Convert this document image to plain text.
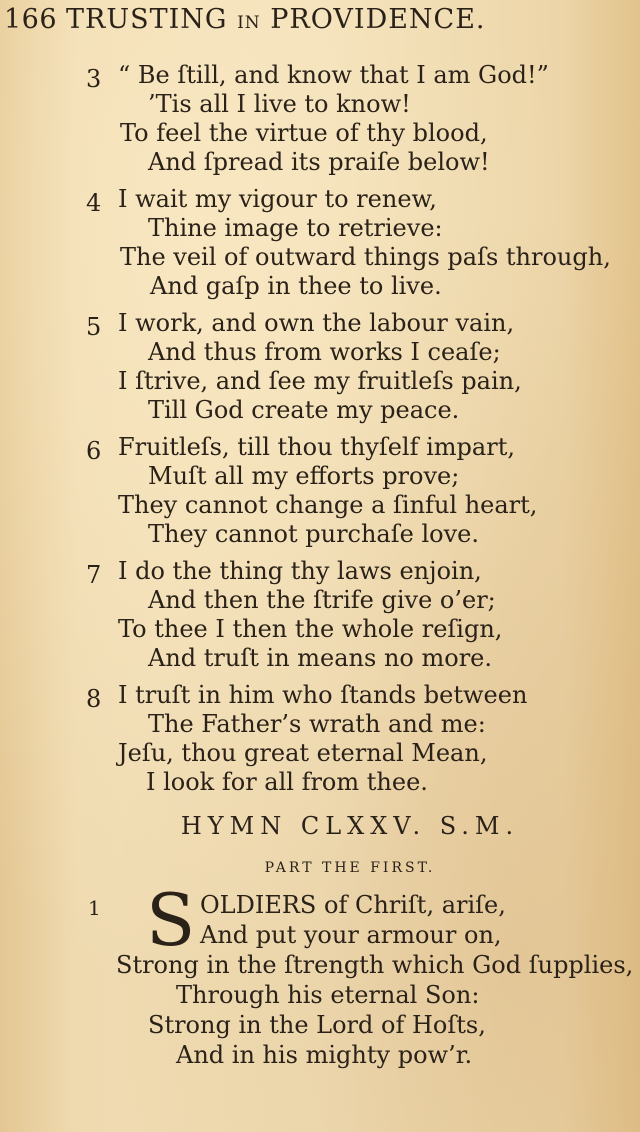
166 TRUSTING IN PROVIDENCE.
3 “ Be ſtill, and know that I am God!”
’Tis all I live to know!
To feel the virtue of thy blood,
And ſpread its praiſe below!
4 I wait my vigour to renew,
Thine image to retrieve:
The veil of outward things paſs through,
And gaſp in thee to live.
5 I work, and own the labour vain,
And thus from works I ceaſe;
I ſtrive, and ſee my fruitleſs pain,
Till God create my peace.
6 Fruitleſs, till thou thyſelf impart,
Muſt all my efforts prove;
They cannot change a ſinful heart,
They cannot purchaſe love.
7 I do the thing thy laws enjoin,
And then the ſtrife give o’er;
To thee I then the whole reſign,
And truſt in means no more.
8 I truſt in him who ſtands between
The Father’s wrath and me:
Jeſu, thou great eternal Mean,
I look for all from thee.
HYMN CLXXV. S.M.
PART THE FIRST.
1 S OLDIERS of Chriſt, ariſe,
And put your armour on,
Strong in the ſtrength which God ſupplies,
Through his eternal Son:
Strong in the Lord of Hoſts,
And in his mighty pow’r.
